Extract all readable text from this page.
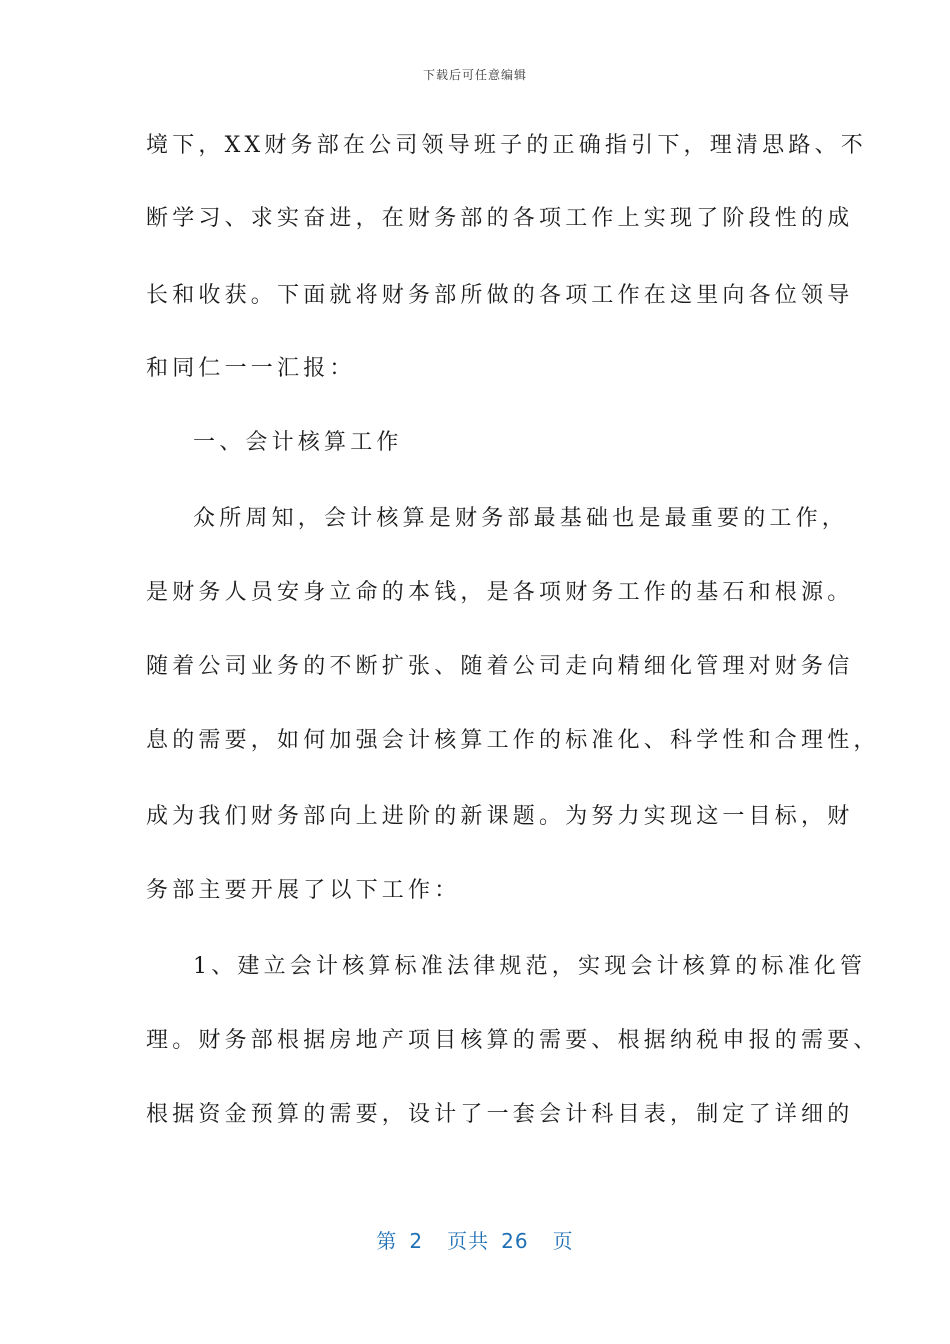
下载后可任意编辑
境下，XX财务部在公司领导班子的正确指引下，理清思路、不
断学习、求实奋进，在财务部的各项工作上实现了阶段性的成
长和收获。下面就将财务部所做的各项工作在这里向各位领导
和同仁一一汇报：
一、会计核算工作
众所周知，会计核算是财务部最基础也是最重要的工作，
是财务人员安身立命的本钱，是各项财务工作的基石和根源。
随着公司业务的不断扩张、随着公司走向精细化管理对财务信
息的需要，如何加强会计核算工作的标准化、科学性和合理性，
成为我们财务部向上进阶的新课题。为努力实现这一目标，财
务部主要开展了以下工作：
1、建立会计核算标准法律规范，实现会计核算的标准化管
理。财务部根据房地产项目核算的需要、根据纳税申报的需要、
根据资金预算的需要，设计了一套会计科目表，制定了详细的
第 2 页共 26 页
